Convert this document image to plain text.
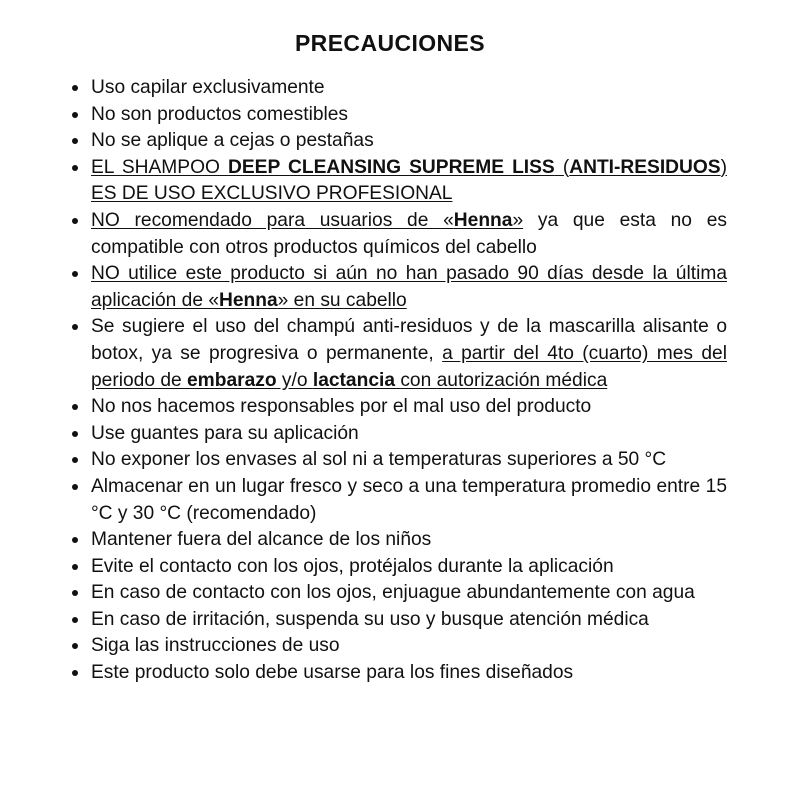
PRECAUCIONES
Uso capilar exclusivamente
No son productos comestibles
No se aplique a cejas o pestañas
EL SHAMPOO DEEP CLEANSING SUPREME LISS (ANTI-RESIDUOS) ES DE USO EXCLUSIVO PROFESIONAL
NO recomendado para usuarios de «Henna» ya que esta no es compatible con otros productos químicos del cabello
NO utilice este producto si aún no han pasado 90 días desde la última aplicación de «Henna» en su cabello
Se sugiere el uso del champú anti-residuos y de la mascarilla alisante o botox, ya se progresiva o permanente, a partir del 4to (cuarto) mes del periodo de embarazo y/o lactancia con autorización médica
No nos hacemos responsables por el mal uso del producto
Use guantes para su aplicación
No exponer los envases al sol ni a temperaturas superiores a 50 °C
Almacenar en un lugar fresco y seco a una temperatura promedio entre 15 °C y 30 °C (recomendado)
Mantener fuera del alcance de los niños
Evite el contacto con los ojos, protéjalos durante la aplicación
En caso de contacto con los ojos, enjuague abundantemente con agua
En caso de irritación, suspenda su uso y busque atención médica
Siga las instrucciones de uso
Este producto solo debe usarse para los fines diseñados
